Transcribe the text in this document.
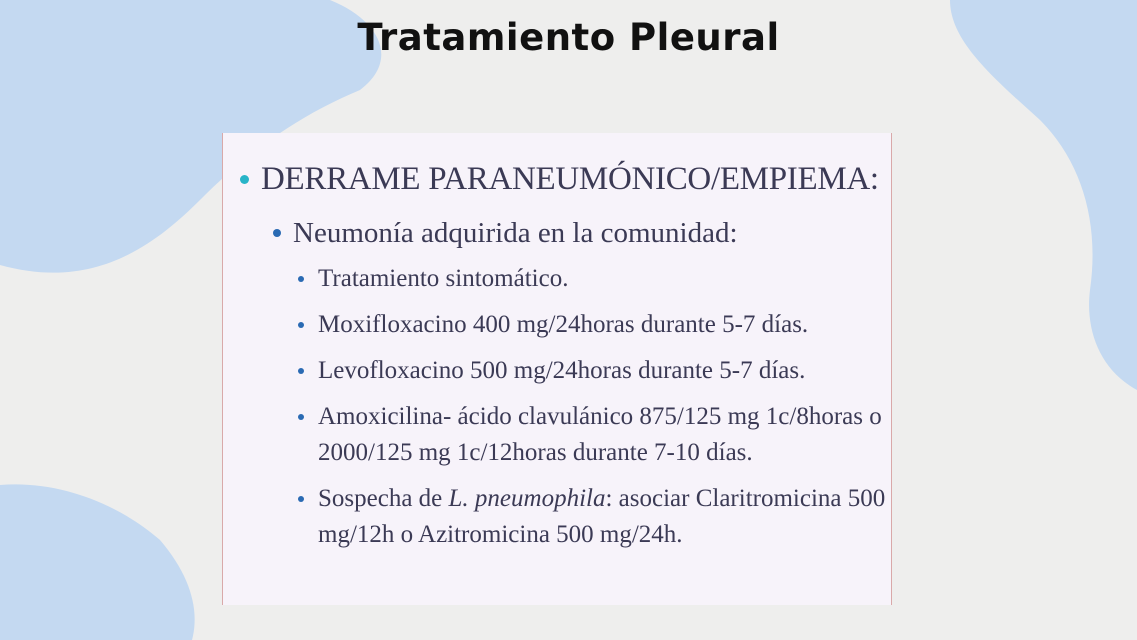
Tratamiento Pleural
DERRAME PARANEUMÓNICO/EMPIEMA:
Neumonía adquirida en la comunidad:
Tratamiento sintomático.
Moxifloxacino 400 mg/24horas durante 5-7 días.
Levofloxacino 500 mg/24horas durante 5-7 días.
Amoxicilina- ácido clavulánico 875/125 mg 1c/8horas o 2000/125 mg 1c/12horas durante 7-10 días.
Sospecha de L. pneumophila: asociar Claritromicina 500 mg/12h o Azitromicina 500 mg/24h.
